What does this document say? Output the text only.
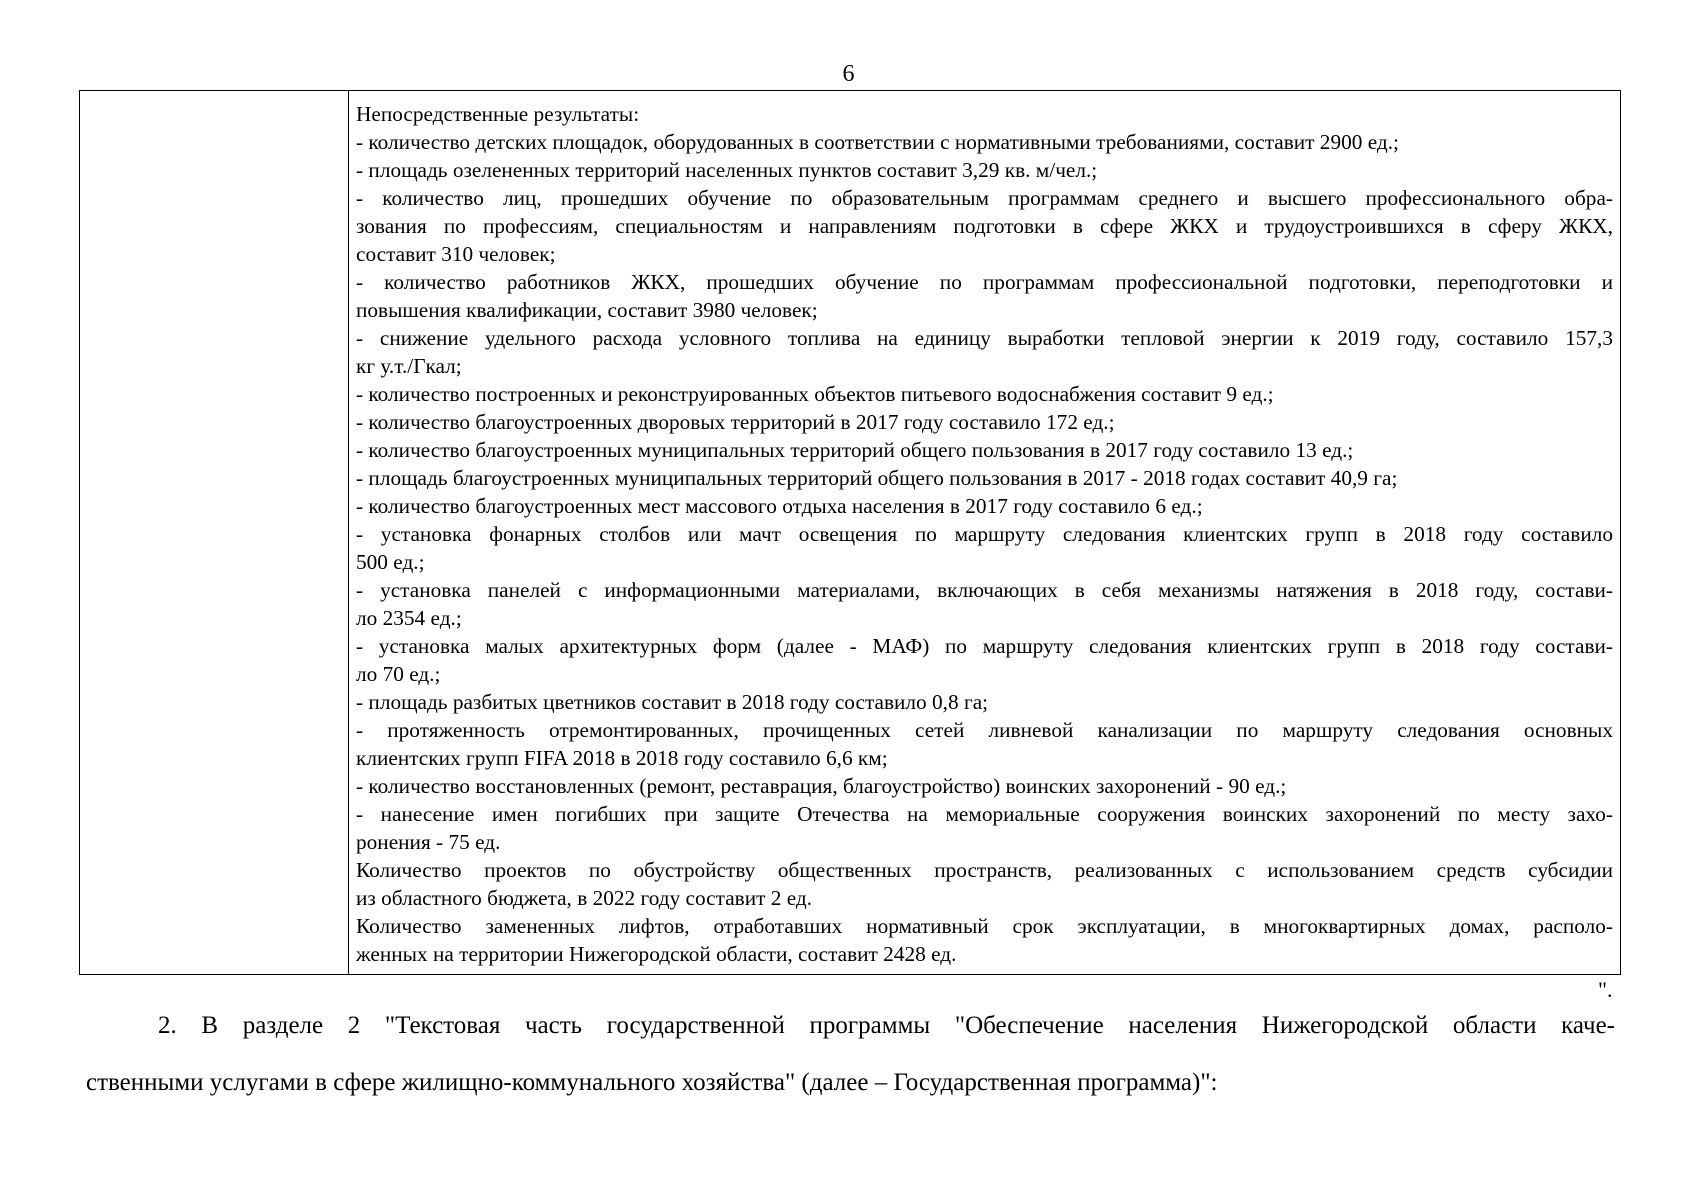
6
Непосредственные результаты:
- количество детских площадок, оборудованных в соответствии с нормативными требованиями, составит 2900 ед.;
- площадь озелененных территорий населенных пунктов составит 3,29 кв. м/чел.;
- количество лиц, прошедших обучение по образовательным программам среднего и высшего профессионального обра-
зования по профессиям, специальностям и направлениям подготовки в сфере ЖКХ и трудоустроившихся в сферу ЖКХ,
составит 310 человек;
- количество работников ЖКХ, прошедших обучение по программам профессиональной подготовки, переподготовки и
повышения квалификации, составит 3980 человек;
- снижение удельного расхода условного топлива на единицу выработки тепловой энергии к 2019 году, составило 157,3
кг у.т./Гкал;
- количество построенных и реконструированных объектов питьевого водоснабжения составит 9 ед.;
- количество благоустроенных дворовых территорий в 2017 году составило 172 ед.;
- количество благоустроенных муниципальных территорий общего пользования в 2017 году составило 13 ед.;
- площадь благоустроенных муниципальных территорий общего пользования в 2017 - 2018 годах составит 40,9 га;
- количество благоустроенных мест массового отдыха населения в 2017 году составило 6 ед.;
- установка фонарных столбов или мачт освещения по маршруту следования клиентских групп в 2018 году составило
500 ед.;
- установка панелей с информационными материалами, включающих в себя механизмы натяжения в 2018 году, состави-
ло 2354 ед.;
- установка малых архитектурных форм (далее - МАФ) по маршруту следования клиентских групп в 2018 году состави-
ло 70 ед.;
- площадь разбитых цветников составит в 2018 году составило 0,8 га;
- протяженность отремонтированных, прочищенных сетей ливневой канализации по маршруту следования основных
клиентских групп FIFA 2018 в 2018 году составило 6,6 км;
- количество восстановленных (ремонт, реставрация, благоустройство) воинских захоронений - 90 ед.;
- нанесение имен погибших при защите Отечества на мемориальные сооружения воинских захоронений по месту захо-
ронения - 75 ед.
Количество проектов по обустройству общественных пространств, реализованных с использованием средств субсидии
из областного бюджета, в 2022 году составит 2 ед.
Количество замененных лифтов, отработавших нормативный срок эксплуатации, в многоквартирных домах, располо-
женных на территории Нижегородской области, составит 2428 ед.
".
2. В разделе 2 "Текстовая часть государственной программы "Обеспечение населения Нижегородской области каче-
ственными услугами в сфере жилищно-коммунального хозяйства" (далее – Государственная программа)":
